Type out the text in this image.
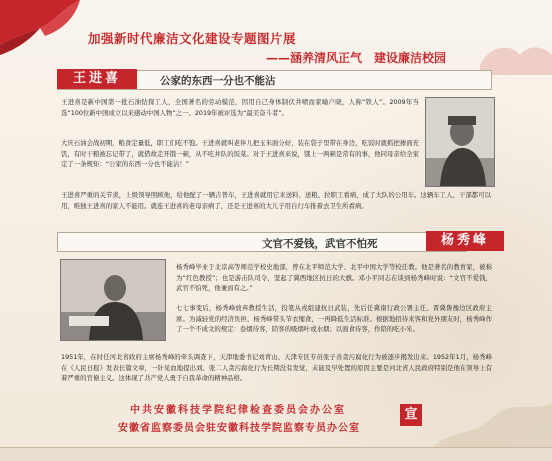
加强新时代廉洁文化建设专题图片展
——涵养清风正气　建设廉洁校园
王进喜	公家的东西一分也不能沾

王进喜是新中国第一批石油钻探工人，全国著名的劳动模范，因用自己身体制伏井喷而家喻户晓，人称“铁人”。2009年当选“100位新中国成立以来感动中国人物”之一。2019年被评选为“最美奋斗者”。

大庆石油会战初期，粮食定量低，职工们吃不饱。王进喜就叫老伴儿把玉米面分好，装在袋子里带在身边，吃饭时就抓把掺面充饥，有时干粮被忘记带了，就借故走开饿一顿，从不吃井队的饭菜。对于王进喜来说，饿上一两顿是常有的事，他同母亲给全家定了一条规矩：“公家的东西一分也不能沾！”

王进喜严重的关节炎，上级领导照顾他，给他配了一辆吉普车，王进喜就用它来送料、送粮、拉职工看病，成了大队的公用车。这辆车工人、干部都可以用，唯独王进喜的家人不能用。就连王进喜的老母亲病了，还是王进喜的大儿子用自行车推着去卫生所看病。

文官不爱钱，武官不怕死	杨秀峰

杨秀峰毕业于北京高等师范学校史地部，曾在北平师范大学、北平中国大学等校任教。他是著名的教育家，被称为“红色教授”；也是游击队司令，坚起了冀西地区抗日的大旗。邓小平同志在谈到杨秀峰时说：“文官不爱钱，武官不怕死，他兼而有之。”

七七事变后，杨秀峰放弃教授生活，投笔从戎组建抗日武装，先后任冀南行政公署主任、晋冀鲁豫边区政府主席。为减轻党的经济负担，杨秀峰带头节衣缩食，一再降低生活标准。根据地招待来客和党外朋友时，杨秀峰作了一个不成文的规定：卷烟待客，陪客的吸烟叶或水烟；以面食待客，作陪的吃小米。

1951年，在时任河北省政府主席杨秀峰的牵头调查下，天津地委书记刘青山、天津专区专员张子善贪污腐化行为被逐步揭发出来。1952年1月，杨秀峰在《人民日报》发表长篇文章，一针见血地提出刘、张二人贪污腐化行为长期没有发觉，未能及早处置的原因主要是河北省人民政府特别是他在领导上有着严重的官僚主义。这体现了共产党人勇于自我革命的精神品格。

中共安徽科技学院纪律检查委员会办公室
安徽省监察委员会驻安徽科技学院监察专员办公室
宣
